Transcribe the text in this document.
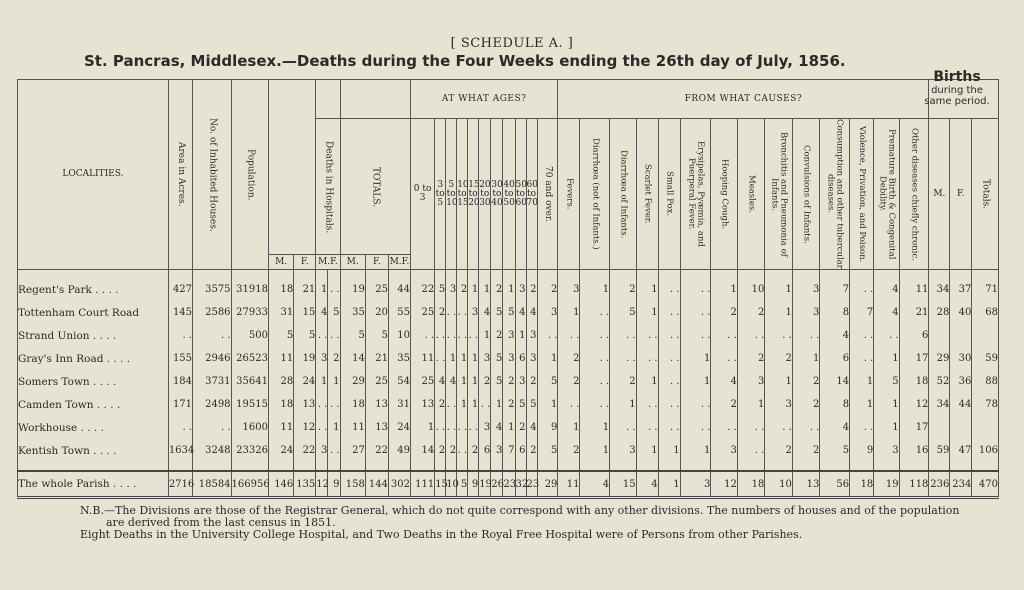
[ SCHEDULE A. ]
St. Pancras, Middlesex.—Deaths during the Four Weeks ending the 26th day of July, 1856.
LOCALITIES.	Area in Acres.	No. of Inhabited Houses.	Population.								AT WHAT AGES?											FROM WHAT CAUSES?																

						Deaths in Hospitals.		TOTALS.			0 to 3	3 to 5	5 to 10	10 to 15	15 to 20	20 to 30	30 to 40	40 to 50	50 to 60	60 to 70	70 and over.	Fevers.	Diarrhœa (not of Infants.)	Diarrhœa of Infants.	Scarlet Fever.	Small Pox.	Erysipelas, Pyæmia, and Puerperal Fever.	Hooping Cough.	Measles.	Bronchitis and Pneumonia of Infants.	Convulsions of Infants.	Consumption and other tubercular diseases.	Violence, Privation, and Poison.	Premature Birth & Congenital Debility.	Other diseases chiefly chronic.	M.	F.	Totals.

				M.	F.	M.F.		M.	F.	M.F.																												

Regent's Park . . . .	427	3575	31918	18	21	1	. .	19	25	44	22	5	3	2	1	1	2	1	3	2	2	3	1	2	1	. .	. .	1	10	1	3	7	. .	4	11	34	37	71
Tottenham Court Road	145	2586	27933	31	15	4	5	35	20	55	25	2	. .	. .	3	4	5	5	4	4	3	1	. .	5	1	. .	. .	2	2	1	3	8	7	4	21	28	40	68
Strand Union . . . .	. .	. .	500	5	5	. .	. .	5	5	10	. .	. .	. .	. .	. .	1	2	3	1	3	. .	. .	. .	. .	. .	. .	. .	. .	. .	. .	. .	4	. .	. .	6			
Gray's Inn Road . . . .	155	2946	26523	11	19	3	2	14	21	35	11	. .	1	1	1	3	5	3	6	3	1	2	. .	. .	. .	. .	1	. .	2	2	1	6	. .	1	17	29	30	59
Somers Town . . . .	184	3731	35641	28	24	1	1	29	25	54	25	4	4	1	1	2	5	2	3	2	5	2	. .	2	1	. .	1	4	3	1	2	14	1	5	18	52	36	88
Camden Town . . . .	171	2498	19515	18	13	. .	. .	18	13	31	13	2	. .	1	1	. .	1	2	5	5	1	. .	. .	1	. .	. .	. .	2	1	3	2	8	1	1	12	34	44	78
Workhouse . . . .	. .	. .	1600	11	12	. .	1	11	13	24	1	. .	. .	. .	. .	3	4	1	2	4	9	1	1	. .	. .	. .	. .	. .	. .	. .	. .	4	. .	1	17			
Kentish Town . . . .	1634	3248	23326	24	22	3	. .	27	22	49	14	2	2	. .	2	6	3	7	6	2	5	2	1	3	1	1	1	3	. .	2	2	5	9	3	16	59	47	106

The whole Parish . . . .	2716	18584	166956	146	135	12	9	158	144	302	111	15	10	5	9	19	26	23	32	23	29	11	4	15	4	1	3	12	18	10	13	56	18	19	118	236	234	470
Births
during the same period.
N.B.—The Divisions are those of the Registrar General, which do not quite correspond with any other divisions. The numbers of houses and of the population
are derived from the last census in 1851.
Eight Deaths in the University College Hospital, and Two Deaths in the Royal Free Hospital were of Persons from other Parishes.
